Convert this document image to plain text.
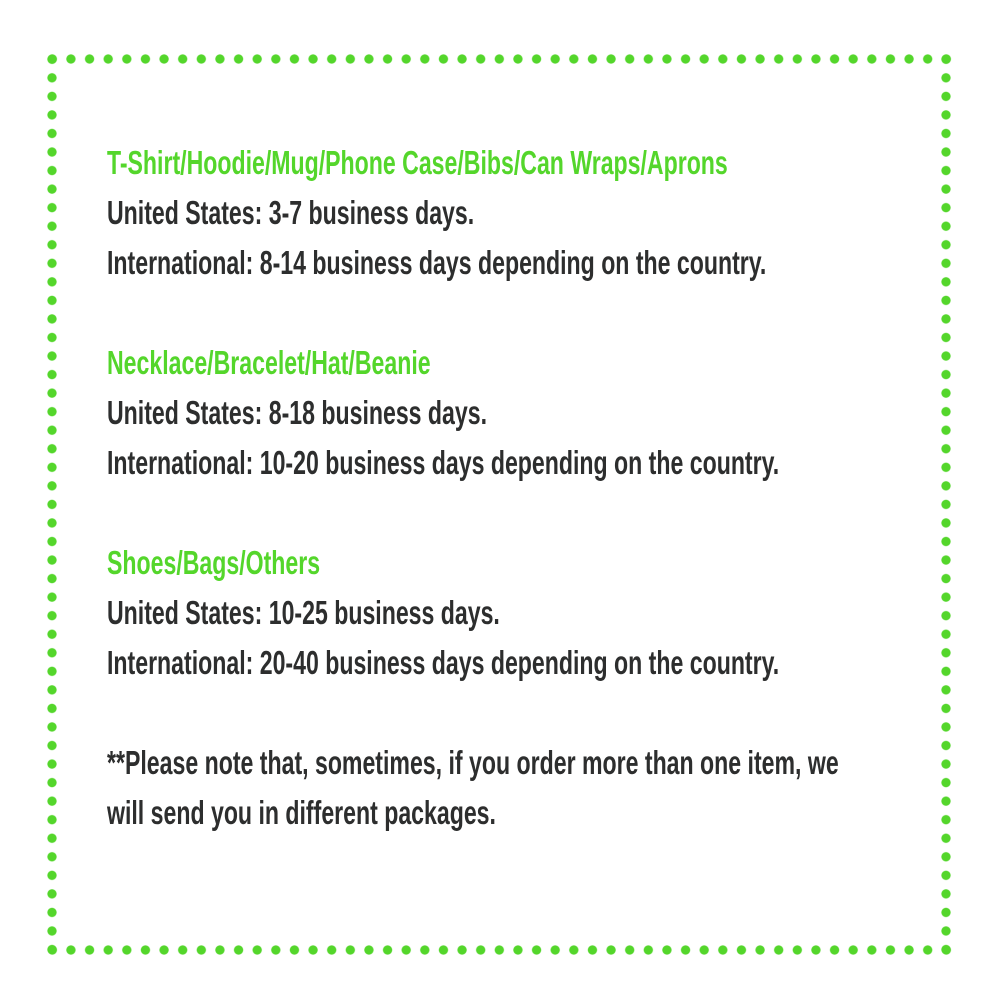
T-Shirt/Hoodie/Mug/Phone Case/Bibs/Can Wraps/Aprons
United States: 3-7 business days.
International: 8-14 business days depending on the country.
Necklace/Bracelet/Hat/Beanie
United States: 8-18 business days.
International: 10-20 business days depending on the country.
Shoes/Bags/Others
United States: 10-25 business days.
International: 20-40 business days depending on the country.
**Please note that, sometimes, if you order more than one item, we
will send you in different packages.
